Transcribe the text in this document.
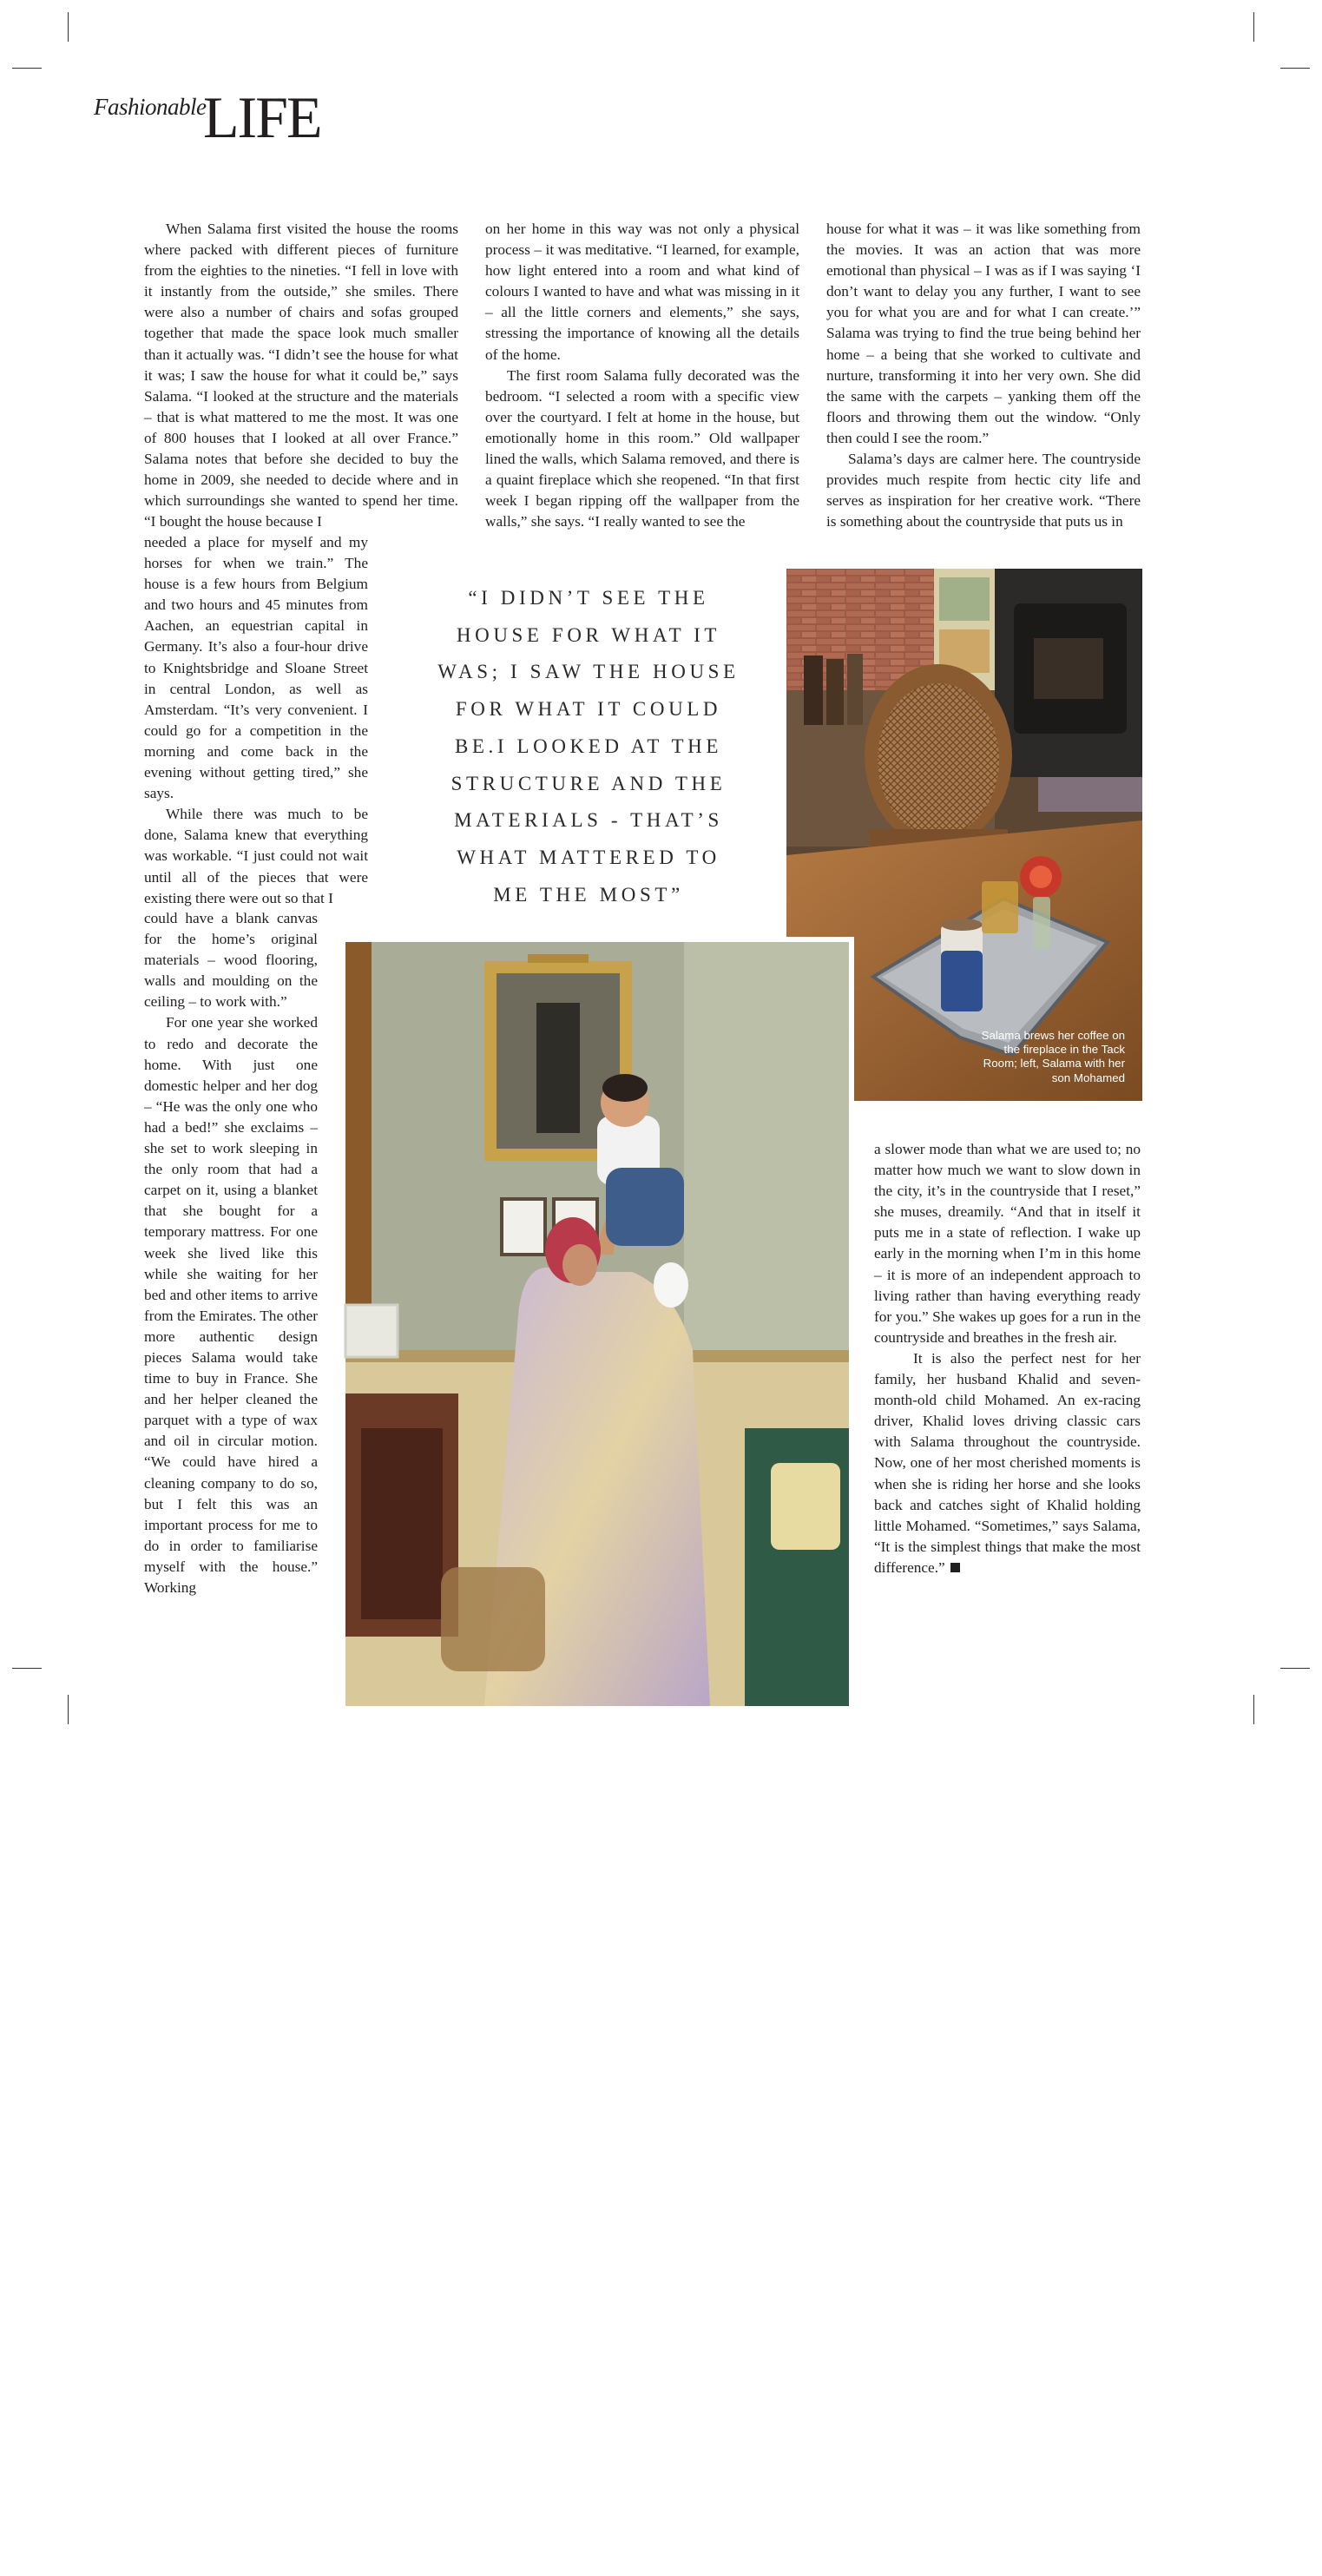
Fashionable
LIFE

When Salama first visited the house the rooms where packed with different pieces of furniture from the eighties to the nineties. “I fell in love with it instantly from the outside,” she smiles. There were also a number of chairs and sofas grouped together that made the space look much smaller than it actually was. “I didn’t see the house for what it was; I saw the house for what it could be,” says Salama. “I looked at the structure and the materials – that is what mattered to me the most. It was one of 800 houses that I looked at all over France.” Salama notes that before she decided to buy the home in 2009, she needed to decide where and in which surroundings she wanted to spend her time. “I bought the house because I

needed a place for myself and my horses for when we train.” The house is a few hours from Belgium and two hours and 45 minutes from Aachen, an equestrian capital in Germany. It’s also a four-hour drive to Knightsbridge and Sloane Street in central London, as well as Amsterdam. “It’s very convenient. I could go for a competition in the morning and come back in the evening without getting tired,” she says.

While there was much to be done, Salama knew that everything was workable. “I just could not wait until all of the pieces that were existing there were out so that I

could have a blank canvas for the home’s original materials – wood flooring, walls and moulding on the ceiling – to work with.”

For one year she worked to redo and decorate the home. With just one domestic helper and her dog – “He was the only one who had a bed!” she exclaims – she set to work sleeping in the only room that had a carpet on it, using a blanket that she bought for a temporary mattress. For one week she lived like this while she waiting for her bed and other items to arrive from the Emirates. The other more authentic design pieces Salama would take time to buy in France. She and her helper cleaned the parquet with a type of wax and oil in circular motion. “We could have hired a cleaning company to do so, but I felt this was an important process for me to do in order to familiarise myself with the house.” Working

on her home in this way was not only a physical process – it was meditative. “I learned, for example, how light entered into a room and what kind of colours I wanted to have and what was missing in it – all the little corners and elements,” she says, stressing the importance of knowing all the details of the home.

The first room Salama fully decorated was the bedroom. “I selected a room with a specific view over the courtyard. I felt at home in the house, but emotionally home in this room.” Old wallpaper lined the walls, which Salama removed, and there is a quaint fireplace which she reopened. “In that first week I began ripping off the wallpaper from the walls,” she says. “I really wanted to see the

house for what it was – it was like something from the movies. It was an action that was more emotional than physical – I was as if I was saying ‘I don’t want to delay you any further, I want to see you for what you are and for what I can create.’” Salama was trying to find the true being behind her home – a being that she worked to cultivate and nurture, transforming it into her very own. She did the same with the carpets – yanking them off the floors and throwing them out the window. “Only then could I see the room.”

Salama’s days are calmer here. The countryside provides much respite from hectic city life and serves as inspiration for her creative work. “There is something about the countryside that puts us in

a slower mode than what we are used to; no matter how much we want to slow down in the city, it’s in the countryside that I reset,” she muses, dreamily. “And that in itself it puts me in a state of reflection. I wake up early in the morning when I’m in this home – it is more of an independent approach to living rather than having everything ready for you.” She wakes up goes for a run in the countryside and breathes in the fresh air.

It is also the perfect nest for her family, her husband Khalid and seven-month-old child Mohamed. An ex-racing driver, Khalid loves driving classic cars with Salama throughout the countryside. Now, one of her most cherished moments is when she is riding her horse and she looks back and catches sight of Khalid holding little Mohamed. “Sometimes,” says Salama, “It is the simplest things that make the most difference.”

“I DIDN’T SEE THE
HOUSE FOR WHAT IT
WAS; I SAW THE HOUSE
FOR WHAT IT COULD
BE.I LOOKED AT THE
STRUCTURE AND THE
MATERIALS - THAT’S
WHAT MATTERED TO
ME THE MOST”
Salama brews her coffee on the fireplace in the Tack Room; left, Salama with her son Mohamed
118 HarpersBazaarArabia.com Interiors Winter 2017
